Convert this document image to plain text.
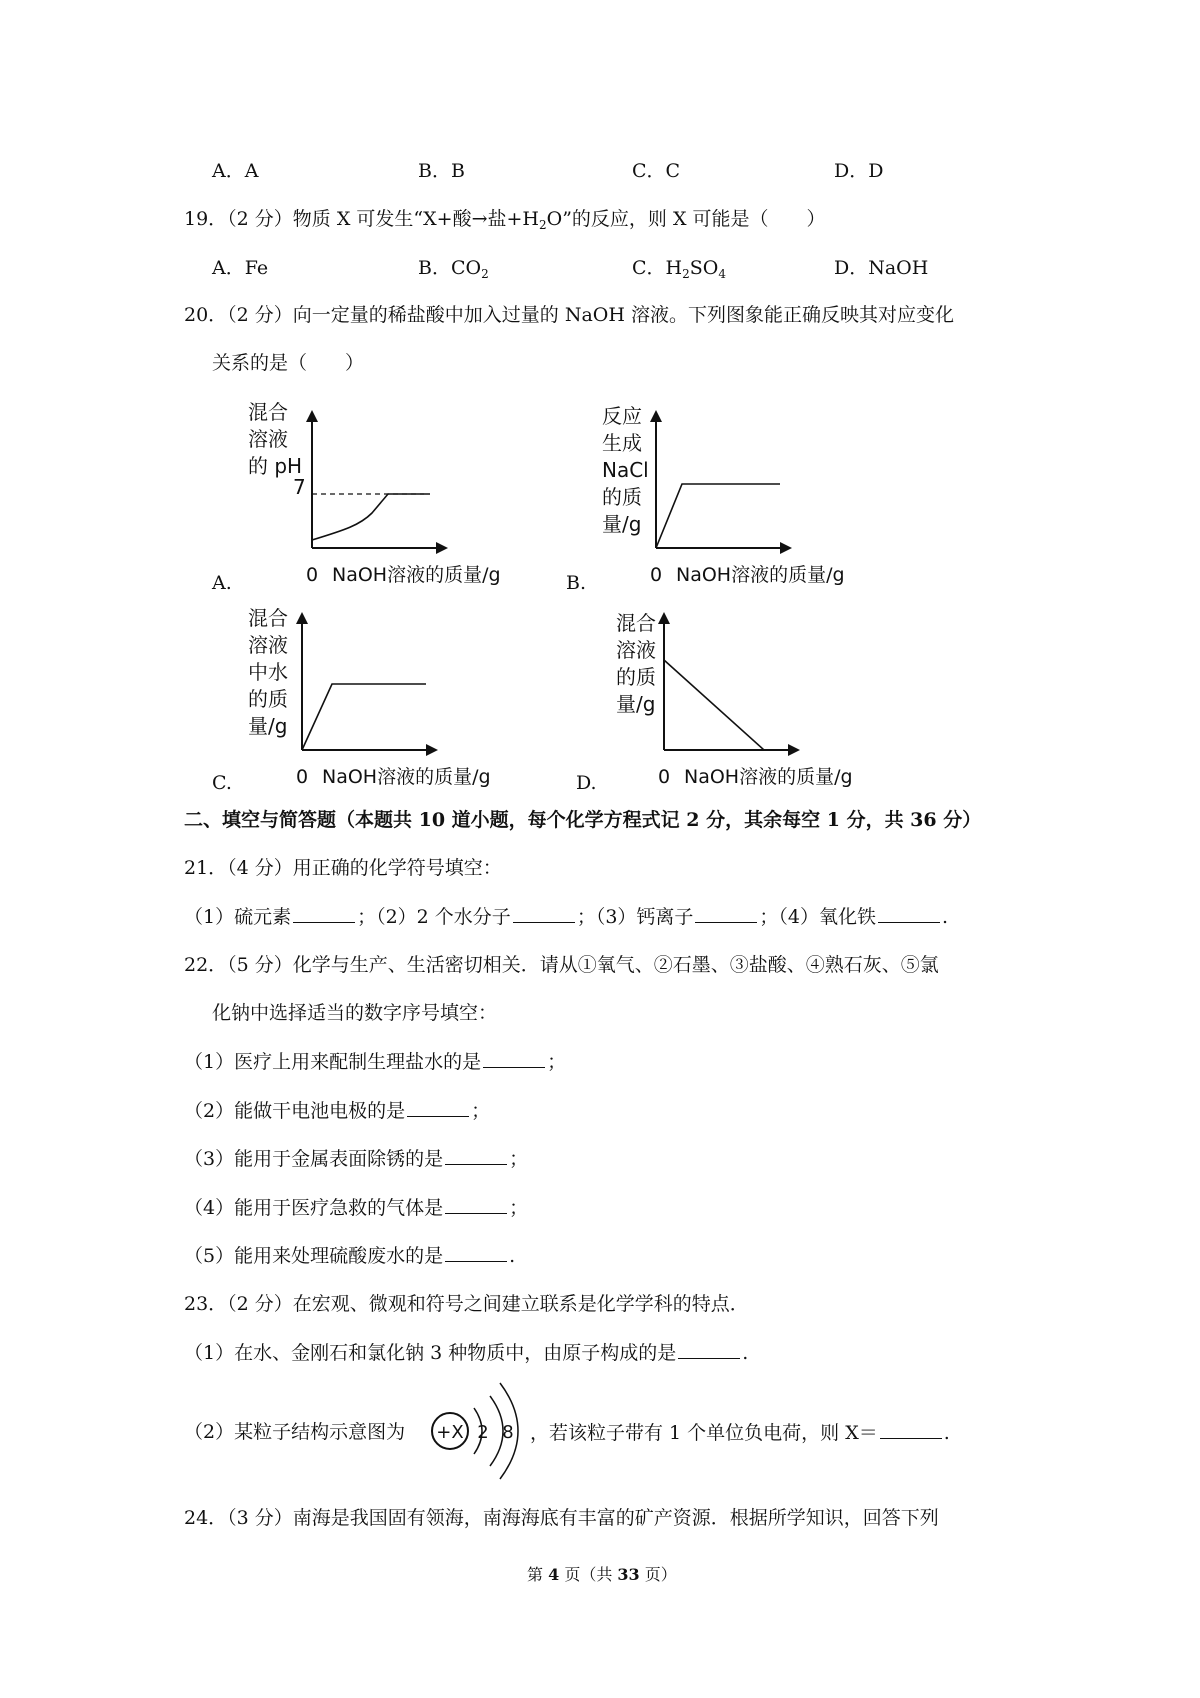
A．A	B．B	C．C	D．D
19．（2 分）物质 X 可发生“X+酸→盐$+H_2O$”的反应，则 X 可能是（　　）
A．Fe	B．$CO_2$	C．$H_2SO_4$	D．NaOH
20．（2 分）向一定量的稀盐酸中加入过量的 NaOH 溶液。下列图象能正确反映其对应变化
关系的是（　　）
混合
溶液
的 pH
7
A.	0 NaOH溶液的质量/g
反应
生成
NaCl
的质
量/g
B.	0 NaOH溶液的质量/g
混合
溶液
中水
的质
量/g
C.	0 NaOH溶液的质量/g
混合
溶液
的质
量/g
D.	0 NaOH溶液的质量/g
二、填空与简答题（本题共 10 道小题，每个化学方程式记 2 分，其余每空 1 分，共 36 分）
21．（4 分）用正确的化学符号填空：
（1）硫元素	；（2）2 个水分子	；（3）钙离子	；（4）氧化铁	.
22．（5 分）化学与生产、生活密切相关．请从①氧气、②石墨、③盐酸、④熟石灰、⑤氯
化钠中选择适当的数字序号填空：
（1）医疗上用来配制生理盐水的是	；
（2）能做干电池电极的是	；
（3）能用于金属表面除锈的是	；
（4）能用于医疗急救的气体是	；
（5）能用来处理硫酸废水的是	.
23．（2 分）在宏观、微观和符号之间建立联系是化学学科的特点．
（1）在水、金刚石和氯化钠 3 种物质中，由原子构成的是	.
（2）某粒子结构示意图为 +X 2 8 ，若该粒子带有 1 个单位负电荷，则 X＝	.
24．（3 分）南海是我国固有领海，南海海底有丰富的矿产资源．根据所学知识，回答下列
第 4 页（共 33 页）
